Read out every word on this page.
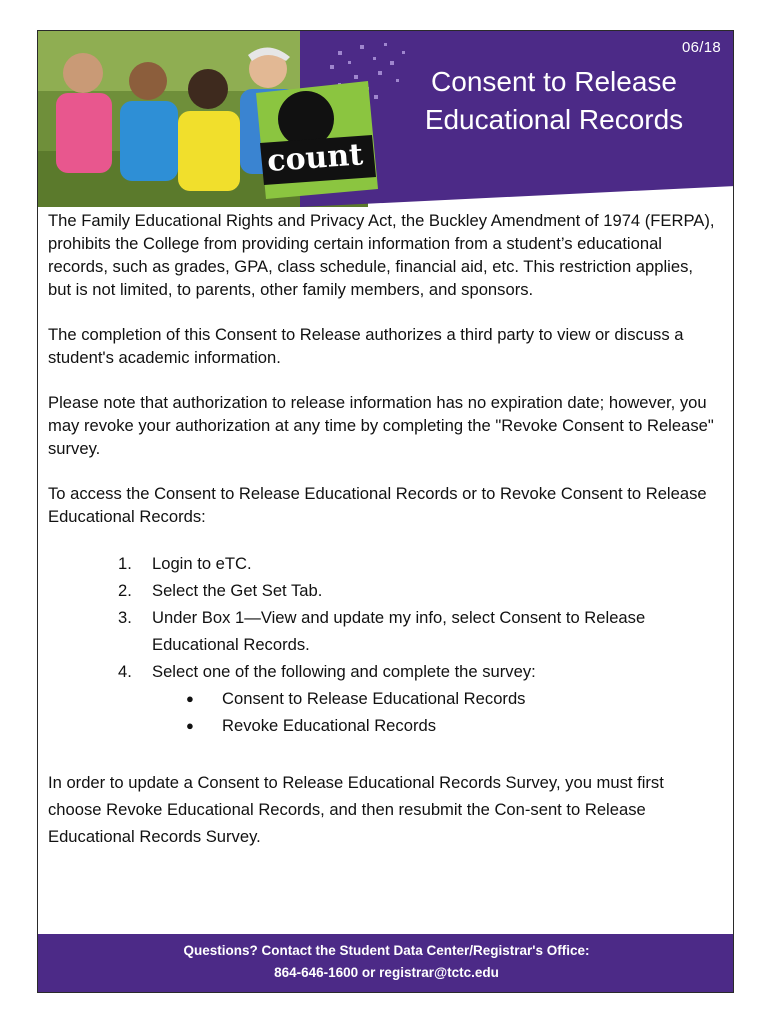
count
06/18
Consent to Release
Educational Records

The Family Educational Rights and Privacy Act, the Buckley Amendment of 1974 (FERPA), prohibits the College from providing certain information from a student’s educational records, such as grades, GPA, class schedule, financial aid, etc. This restriction applies, but is not limited, to parents, other family members, and sponsors.

The completion of this Consent to Release authorizes a third party to view or discuss a student's academic information.

Please note that authorization to release information has no expiration date; however, you may revoke your authorization at any time by completing the "Revoke Consent to Release" survey.

To access the Consent to Release Educational Records or to Revoke Consent to Release Educational Records:

1. Login to eTC.
2. Select the Get Set Tab.
3. Under Box 1—View and update my info, select Consent to Release Educational Records.
4. Select one of the following and complete the survey:
● Consent to Release Educational Records
● Revoke Educational Records
In order to update a Consent to Release Educational Records Survey, you must first choose Revoke Educational Records, and then resubmit the Con-sent to Release Educational Records Survey.
Questions? Contact the Student Data Center/Registrar's Office:
864-646-1600 or registrar@tctc.edu
